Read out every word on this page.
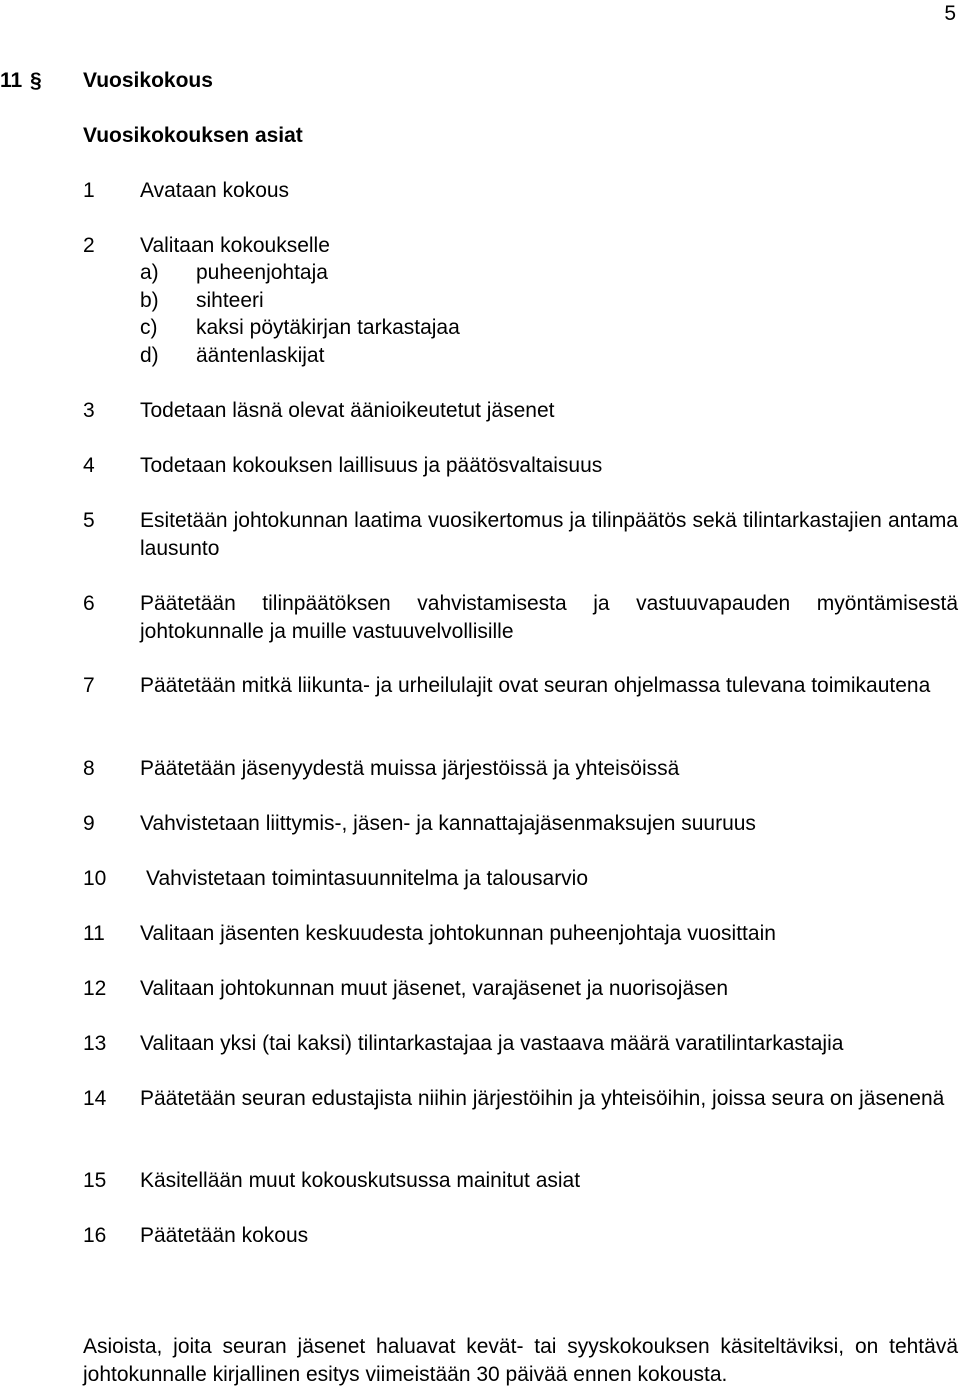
5
11 § Vuosikokous
Vuosikokouksen asiat
1 Avataan kokous
2 Valitaan kokoukselle
a) puheenjohtaja
b) sihteeri
c) kaksi pöytäkirjan tarkastajaa
d) ääntenlaskijat
3 Todetaan läsnä olevat äänioikeutetut jäsenet
4 Todetaan kokouksen laillisuus ja päätösvaltaisuus
5 Esitetään johtokunnan laatima vuosikertomus ja tilinpäätös sekä tilintarkastajien antama lausunto
6 Päätetään tilinpäätöksen vahvistamisesta ja vastuuvapauden myöntämisestä johtokunnalle ja muille vastuuvelvollisille
7 Päätetään mitkä liikunta- ja urheilulajit ovat seuran ohjelmassa tulevana toimikautena
8 Päätetään jäsenyydestä muissa järjestöissä ja yhteisöissä
9 Vahvistetaan liittymis-, jäsen- ja kannattajajäsenmaksujen suuruus
10 Vahvistetaan toimintasuunnitelma ja talousarvio
11 Valitaan jäsenten keskuudesta johtokunnan puheenjohtaja vuosittain
12 Valitaan johtokunnan muut jäsenet, varajäsenet ja nuorisojäsen
13 Valitaan yksi (tai kaksi) tilintarkastajaa ja vastaava määrä varatilintarkastajia
14 Päätetään seuran edustajista niihin järjestöihin ja yhteisöihin, joissa seura on jäsenenä
15 Käsitellään muut kokouskutsussa mainitut asiat
16 Päätetään kokous
Asioista, joita seuran jäsenet haluavat kevät- tai syyskokouksen käsiteltäviksi, on tehtävä johtokunnalle kirjallinen esitys viimeistään 30 päivää ennen kokousta.
